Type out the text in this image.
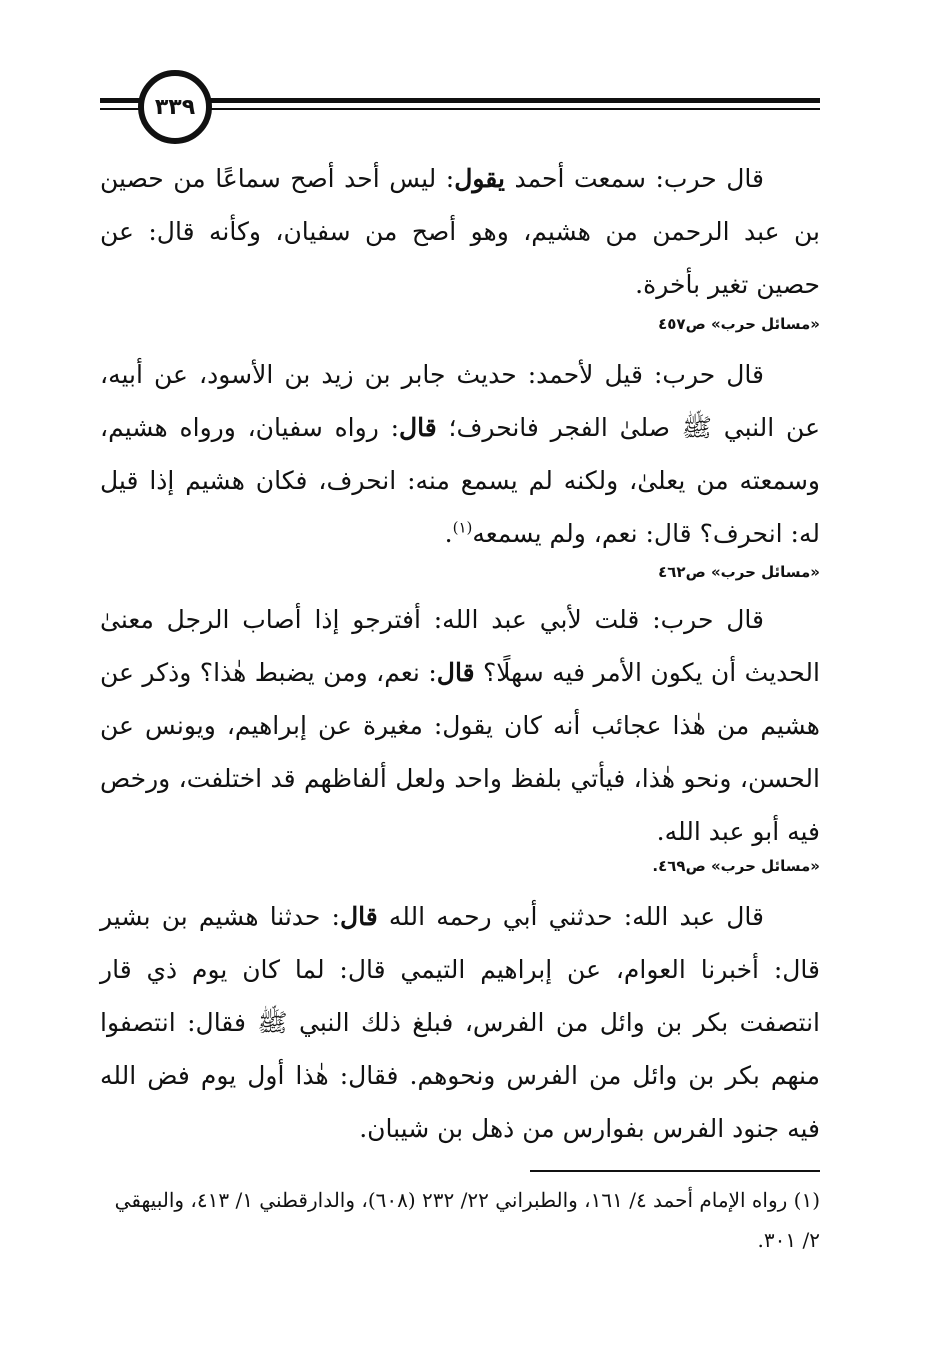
٣٣٩
قال حرب: سمعت أحمد يقول: ليس أحد أصح سماعًا من حصين بن عبد الرحمن من هشيم، وهو أصح من سفيان، وكأنه قال: عن حصين تغير بأخرة.
«مسائل حرب» ص٤٥٧
قال حرب: قيل لأحمد: حديث جابر بن زيد بن الأسود، عن أبيه، عن النبي ﷺ صلىٰ الفجر فانحرف؛ قال: رواه سفيان، ورواه هشيم، وسمعته من يعلىٰ، ولكنه لم يسمع منه: انحرف، فكان هشيم إذا قيل له: انحرف؟ قال: نعم، ولم يسمعه$^{(١)}$.
«مسائل حرب» ص٤٦٢
قال حرب: قلت لأبي عبد الله: أفترجو إذا أصاب الرجل معنىٰ الحديث أن يكون الأمر فيه سهلًا؟ قال: نعم، ومن يضبط هٰذا؟ وذكر عن هشيم من هٰذا عجائب أنه كان يقول: مغيرة عن إبراهيم، ويونس عن الحسن، ونحو هٰذا، فيأتي بلفظ واحد ولعل ألفاظهم قد اختلفت، ورخص فيه أبو عبد الله.
«مسائل حرب» ص٤٦٩.
قال عبد الله: حدثني أبي رحمه الله قال: حدثنا هشيم بن بشير قال: أخبرنا العوام، عن إبراهيم التيمي قال: لما كان يوم ذي قار انتصفت بكر بن وائل من الفرس، فبلغ ذلك النبي ﷺ فقال: انتصفوا منهم بكر بن وائل من الفرس ونحوهم. فقال: هٰذا أول يوم فض الله فيه جنود الفرس بفوارس من ذهل بن شيبان.
(١) رواه الإمام أحمد ٤/ ١٦١، والطبراني ٢٢/ ٢٣٢ (٦٠٨)، والدارقطني ١/ ٤١٣، والبيهقي ٢/ ٣٠١.
